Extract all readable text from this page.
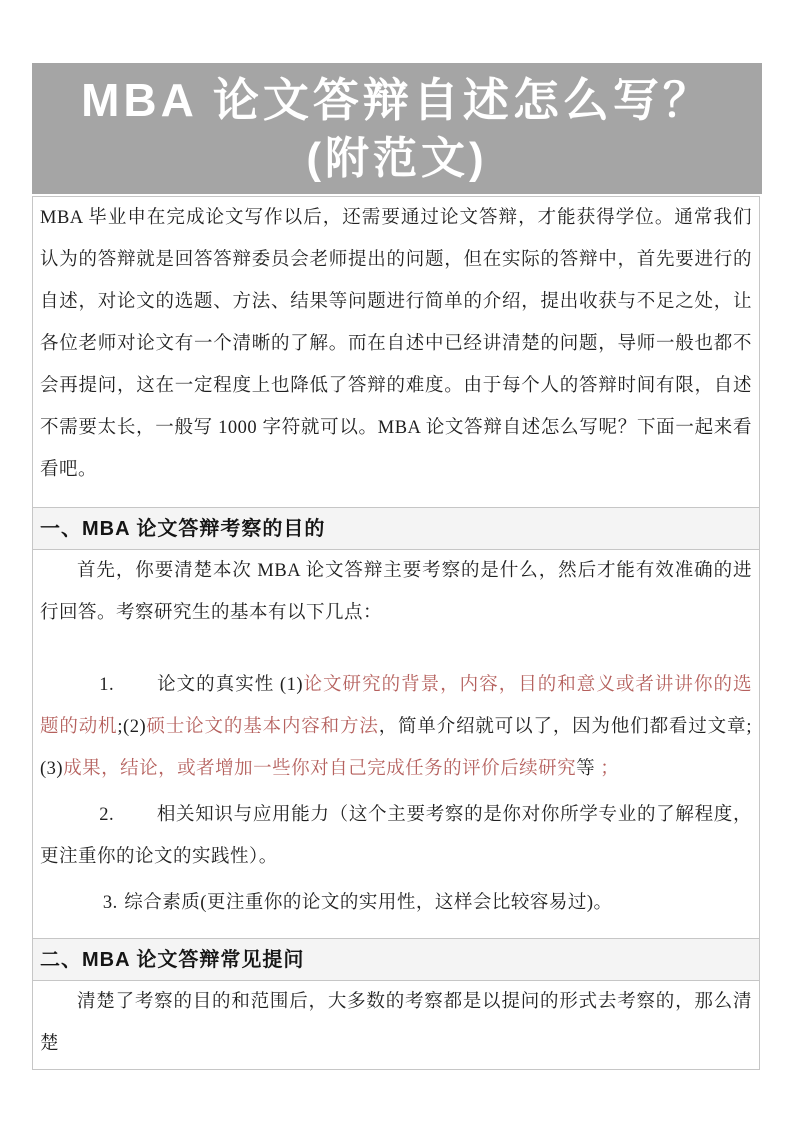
MBA 论文答辩自述怎么写？
(附范文)

MBA 毕业申在完成论文写作以后，还需要通过论文答辩，才能获得学位。通常我们认为的答辩就是回答答辩委员会老师提出的问题，但在实际的答辩中，首先要进行的自述，对论文的选题、方法、结果等问题进行简单的介绍，提出收获与不足之处，让各位老师对论文有一个清晰的了解。而在自述中已经讲清楚的问题，导师一般也都不会再提问，这在一定程度上也降低了答辩的难度。由于每个人的答辩时间有限，自述不需要太长，一般写 1000 字符就可以。MBA 论文答辩自述怎么写呢？下面一起来看看吧。

一、MBA 论文答辩考察的目的

首先，你要清楚本次 MBA 论文答辩主要考察的是什么，然后才能有效准确的进行回答。考察研究生的基本有以下几点：

1. 论文的真实性 (1)论文研究的背景，内容，目的和意义或者讲讲你的选题的动机;(2)硕士论文的基本内容和方法，简单介绍就可以了，因为他们都看过文章;(3)成果，结论，或者增加一些你对自己完成任务的评价后续研究等 ；

2. 相关知识与应用能力（这个主要考察的是你对你所学专业的了解程度，更注重你的论文的实践性）。

3. 综合素质(更注重你的论文的实用性，这样会比较容易过)。

二、MBA 论文答辩常见提问

清楚了考察的目的和范围后，大多数的考察都是以提问的形式去考察的，那么清楚
